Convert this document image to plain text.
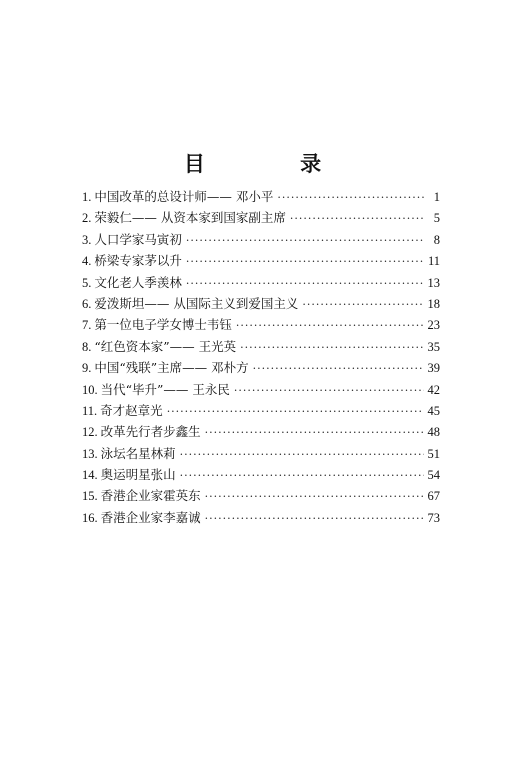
目 录
1. 中国改革的总设计师—— 邓小平 ·····	1
2. 荣毅仁—— 从资本家到国家副主席 ·····	5
3. 人口学家马寅初 ·····	8
4. 桥梁专家茅以升 ·····	11
5. 文化老人季羡林 ·····	13
6. 爱泼斯坦—— 从国际主义到爱国主义 ·····	18
7. 第一位电子学女博士韦钰 ·····	23
8. “红色资本家”—— 王光英 ·····	35
9. 中国“残联”主席—— 邓朴方 ·····	39
10. 当代“毕升”—— 王永民 ·····	42
11. 奇才赵章光 ·····	45
12. 改革先行者步鑫生 ·····	48
13. 泳坛名星林莉 ·····	51
14. 奥运明星张山 ·····	54
15. 香港企业家霍英东 ·····	67
16. 香港企业家李嘉诚 ·····	73
